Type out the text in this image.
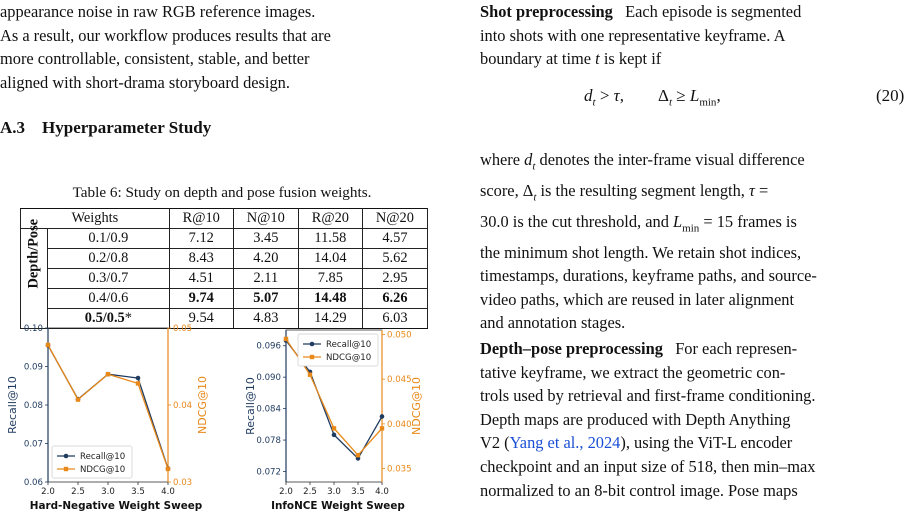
appearance noise in raw RGB reference images.

As a result, our workflow produces results that are

more controllable, consistent, stable, and better

aligned with short-drama storyboard design.

A.3 Hyperparameter Study
Table 6: Study on depth and pose fusion weights.
Weights		R@10	N@10	R@20	N@20

Depth/Pose	0.1/0.9	7.12	3.45	11.58	4.57
	0.2/0.8	8.43	4.20	14.04	5.62
	0.3/0.7	4.51	2.11	7.85	2.95
	0.4/0.6	9.74	5.07	14.48	6.26
	0.5/0.5*	9.54	4.83	14.29	6.03
0.06
0.07
0.08
0.09
0.10
0.03
0.04
0.05
2.0 2.5 3.0 3.5 4.0
Recall@10	NDCG@10
Recall@10
NDCG@10
Hard-Negative Weight Sweep
0.072
0.078
0.084
0.090
0.096
0.035
0.040
0.045
0.050
2.0 2.5 3.0 3.5 4.0
Recall@10	NDCG@10
Recall@10
NDCG@10
InfoNCE Weight Sweep

Shot preprocessing Each episode is segmented

into shots with one representative keyframe. A

boundary at time t is kept if

$d_t > \tau$,        $\Delta_t \ge L_{min}$,	(20)

where $d_t$ denotes the inter-frame visual difference

score, $\Delta_t$ is the resulting segment length, τ =

30.0 is the cut threshold, and $L_{min} = 15$ frames is

the minimum shot length. We retain shot indices,

timestamps, durations, keyframe paths, and source-

video paths, which are reused in later alignment

and annotation stages.

Depth–pose preprocessing For each represen-

tative keyframe, we extract the geometric con-

trols used by retrieval and first-frame conditioning.

Depth maps are produced with Depth Anything

V2 (Yang et al., 2024), using the ViT-L encoder

checkpoint and an input size of 518, then min–max

normalized to an 8-bit control image. Pose maps
